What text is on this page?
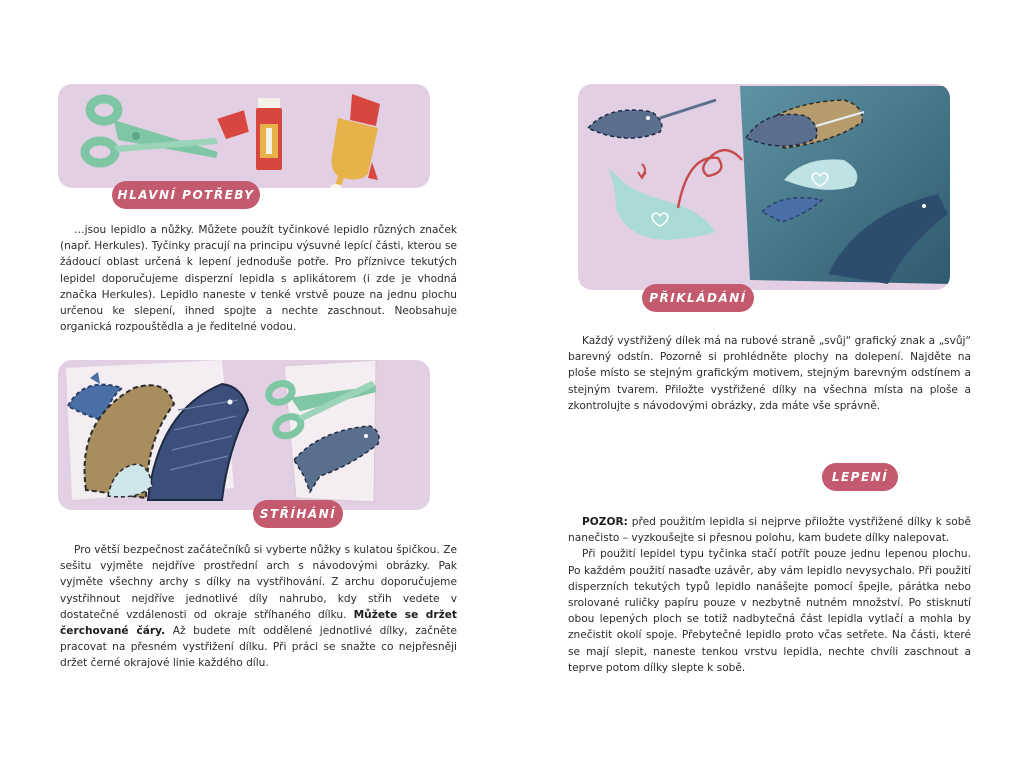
HLAVNÍ POTŘEBY

…jsou lepidlo a nůžky. Můžete použít tyčinkové lepidlo různých značek (např. Herkules). Tyčinky pracují na principu výsuvné lepící části, kterou se žádoucí oblast určená k lepení jednoduše potře. Pro příznivce tekutých lepidel doporučujeme disperzní lepidla s aplikátorem (i zde je vhodná značka Herkules). Lepidlo naneste v tenké vrstvě pouze na jednu plochu určenou ke slepení, ihned spojte a nechte zaschnout. Neobsahuje organická rozpouštědla a je ředitelné vodou.

STŘÍHÁNÍ

Pro větší bezpečnost začátečníků si vyberte nůžky s kulatou špičkou. Ze sešitu vyjměte nejdříve prostřední arch s návodovými obrázky. Pak vyjměte všechny archy s dílky na vystřihování. Z archu doporučujeme vystřihnout nejdříve jednotlivé díly nahrubo, kdy střih vedete v dostatečné vzdálenosti od okraje stříhaného dílku. Můžete se držet čerchované čáry. Až budete mít oddělené jednotlivé dílky, začněte pracovat na přesném vystřižení dílku. Při práci se snažte co nejpřesněji držet černé okrajové linie každého dílu.

PŘIKLÁDÁNÍ

Každý vystřižený dílek má na rubové straně „svůj“ grafický znak a „svůj“ barevný odstín. Pozorně si prohlédněte plochy na dolepení. Najděte na ploše místo se stejným grafickým motivem, stejným barevným odstínem a stejným tvarem. Přiložte vystřižené dílky na všechna místa na ploše a zkontrolujte s návodovými obrázky, zda máte vše správně.

LEPENÍ

POZOR: před použitím lepidla si nejprve přiložte vystřižené dílky k sobě nanečisto – vyzkoušejte si přesnou polohu, kam budete dílky nalepovat.

Při použití lepidel typu tyčinka stačí potřít pouze jednu lepenou plochu. Po každém použití nasaďte uzávěr, aby vám lepidlo nevysychalo. Při použití disperzních tekutých typů lepidlo nanášejte pomocí špejle, párátka nebo srolované ruličky papíru pouze v nezbytně nutném množství. Po stisknutí obou lepených ploch se totiž nadbytečná část lepidla vytlačí a mohla by znečistit okolí spoje. Přebytečné lepidlo proto včas setřete. Na části, které se mají slepit, naneste tenkou vrstvu lepidla, nechte chvíli zaschnout a teprve potom dílky slepte k sobě.
